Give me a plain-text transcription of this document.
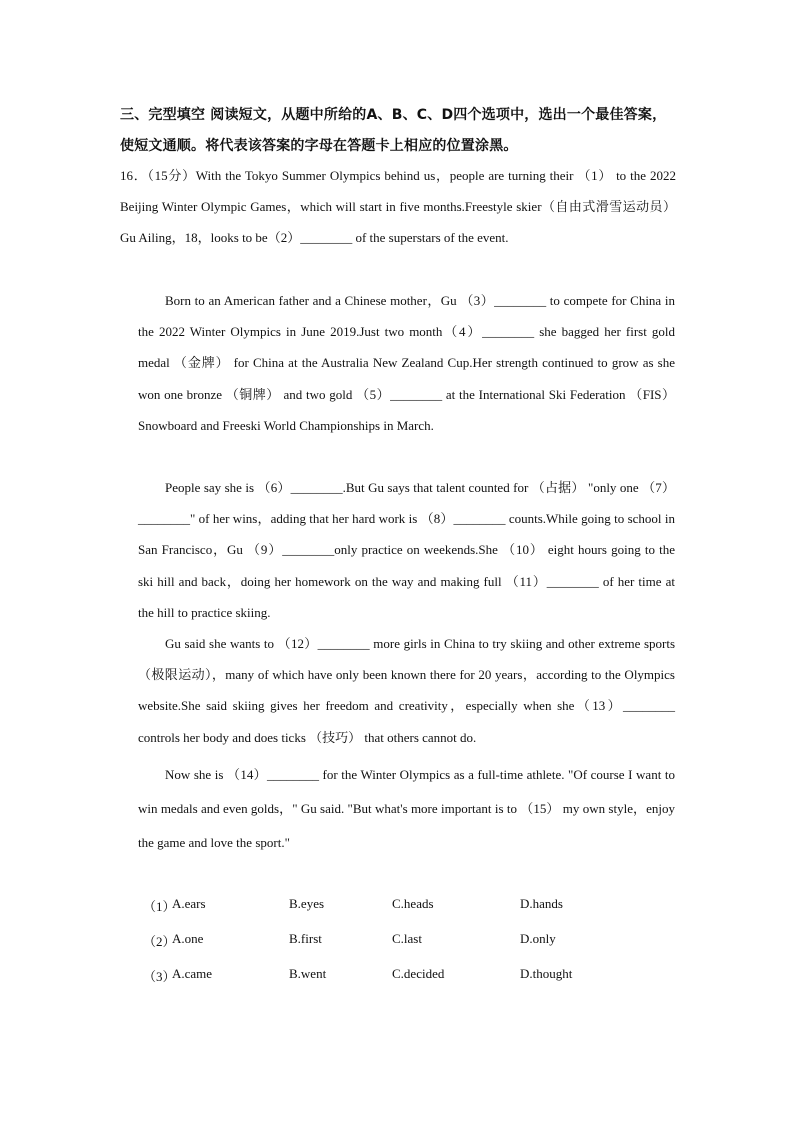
三、完型填空 阅读短文，从题中所给的A、B、C、D四个选项中，选出一个最佳答案，使短文通顺。将代表该答案的字母在答题卡上相应的位置涂黑。

16．（15分）With the Tokyo Summer Olympics behind us，people are turning their （1） to the 2022 Beijing Winter Olympic Games，which will start in five months.Freestyle skier（自由式滑雪运动员） Gu Ailing，18，looks to be（2）________ of the superstars of the event.

Born to an American father and a Chinese mother，Gu （3）________ to compete for China in the 2022 Winter Olympics in June 2019.Just two month（4）________ she bagged her first gold medal （金牌） for China at the Australia New Zealand Cup.Her strength continued to grow as she won one bronze （铜牌） and two gold （5）________ at the International Ski Federation （FIS） Snowboard and Freeski World Championships in March.

People say she is （6）________.But Gu says that talent counted for （占据） "only one （7）________" of her wins，adding that her hard work is （8）________ counts.While going to school in San Francisco，Gu （9）________only practice on weekends.She （10） eight hours going to the ski hill and back，doing her homework on the way and making full （11）________ of her time at the hill to practice skiing.

Gu said she wants to （12）________ more girls in China to try skiing and other extreme sports （极限运动），many of which have only been known there for 20 years，according to the Olympics website.She said skiing gives her freedom and creativity，especially when she（13）________ controls her body and does ticks （技巧） that others cannot do.

Now she is （14）________ for the Winter Olympics as a full-time athlete. "Of course I want to win medals and even golds，" Gu said. "But what's more important is to （15） my own style，enjoy the game and love the sport."

（1）
A.ears	B.eyes	C.heads	D.hands
（2）
A.one	B.first	C.last	D.only
（3）
A.came	B.went	C.decided	D.thought
